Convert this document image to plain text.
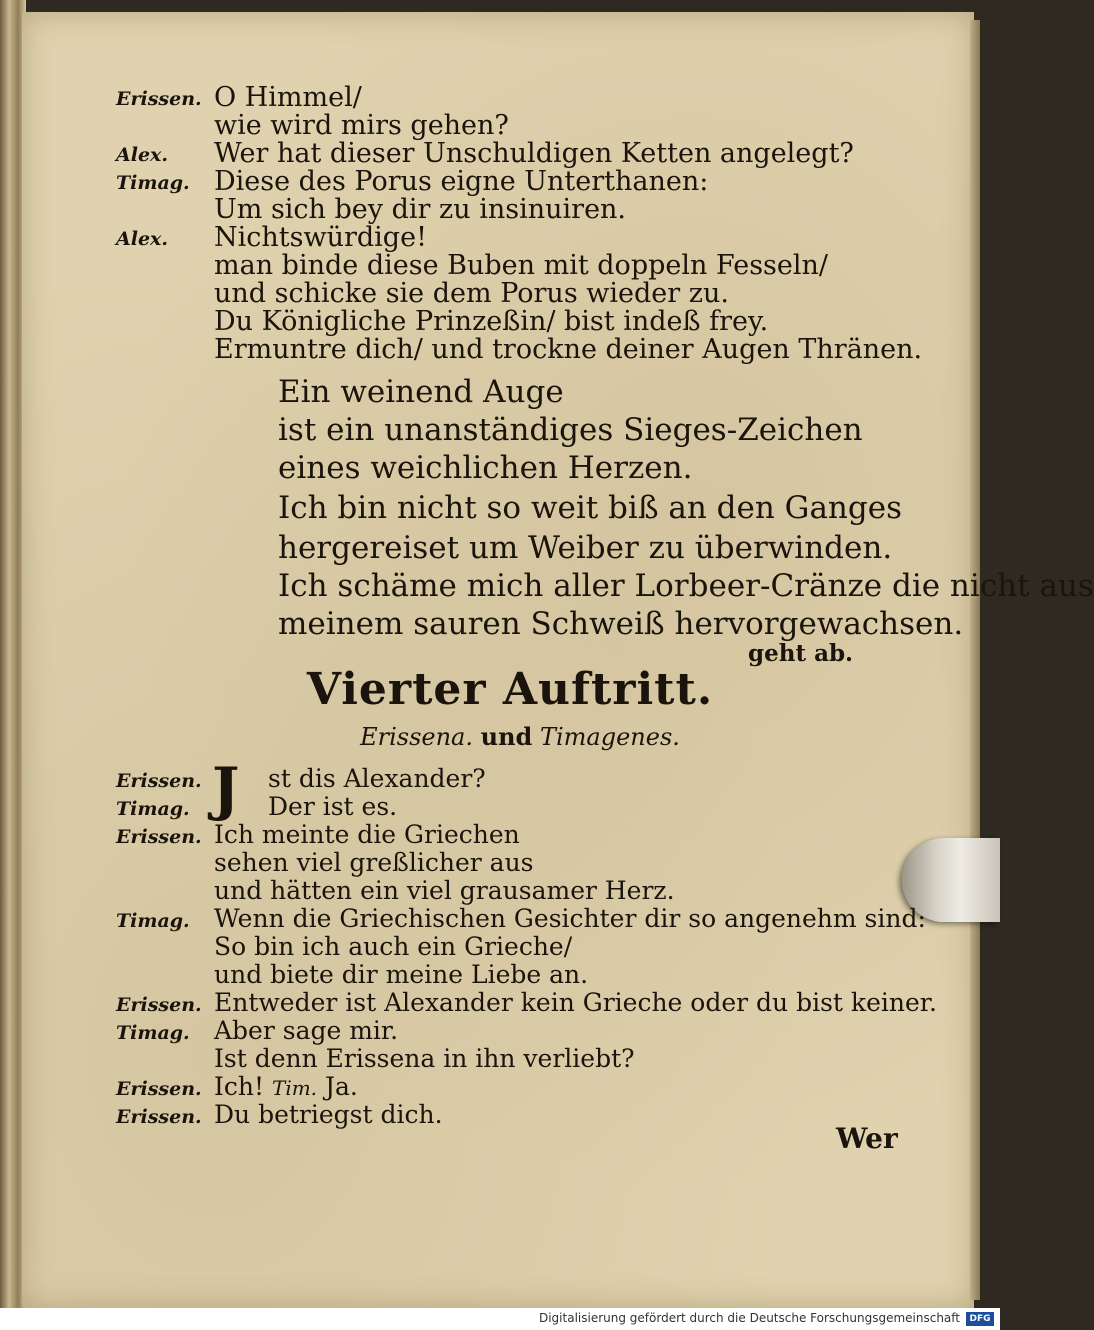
Erissen. O Himmel/
wie wird mirs gehen?
Alex. Wer hat dieser Unschuldigen Ketten angelegt?
Timag. Diese des Porus eigne Unterthanen:
Um sich bey dir zu insinuiren.
Alex. Nichtswürdige!
man binde diese Buben mit doppeln Fesseln/
und schicke sie dem Porus wieder zu.
Du Königliche Prinzeßin/ bist indeß frey.
Ermuntre dich/ und trockne deiner Augen Thränen.
Ein weinend Auge
ist ein unanständiges Sieges-Zeichen
eines weichlichen Herzen.
Ich bin nicht so weit biß an den Ganges
hergereiset um Weiber zu überwinden.
Ich schäme mich aller Lorbeer-Cränze die nicht aus
meinem sauren Schweiß hervorgewachsen.
geht ab.
Vierter Auftritt.
Erissena. und Timagenes.
Erissen. J st dis Alexander?
Timag.	Der ist es.
Erissen. Ich meinte die Griechen
sehen viel greßlicher aus
und hätten ein viel grausamer Herz.
Timag. Wenn die Griechischen Gesichter dir so angenehm sind:
So bin ich auch ein Grieche/
und biete dir meine Liebe an.
Erissen. Entweder ist Alexander kein Grieche oder du bist keiner.
Timag. Aber sage mir.
Ist denn Erissena in ihn verliebt?
Erissen. Ich! Tim. Ja.
Erissen. Du betriegst dich.
Wer
Digitalisierung gefördert durch die Deutsche Forschungsgemeinschaft	DFG
